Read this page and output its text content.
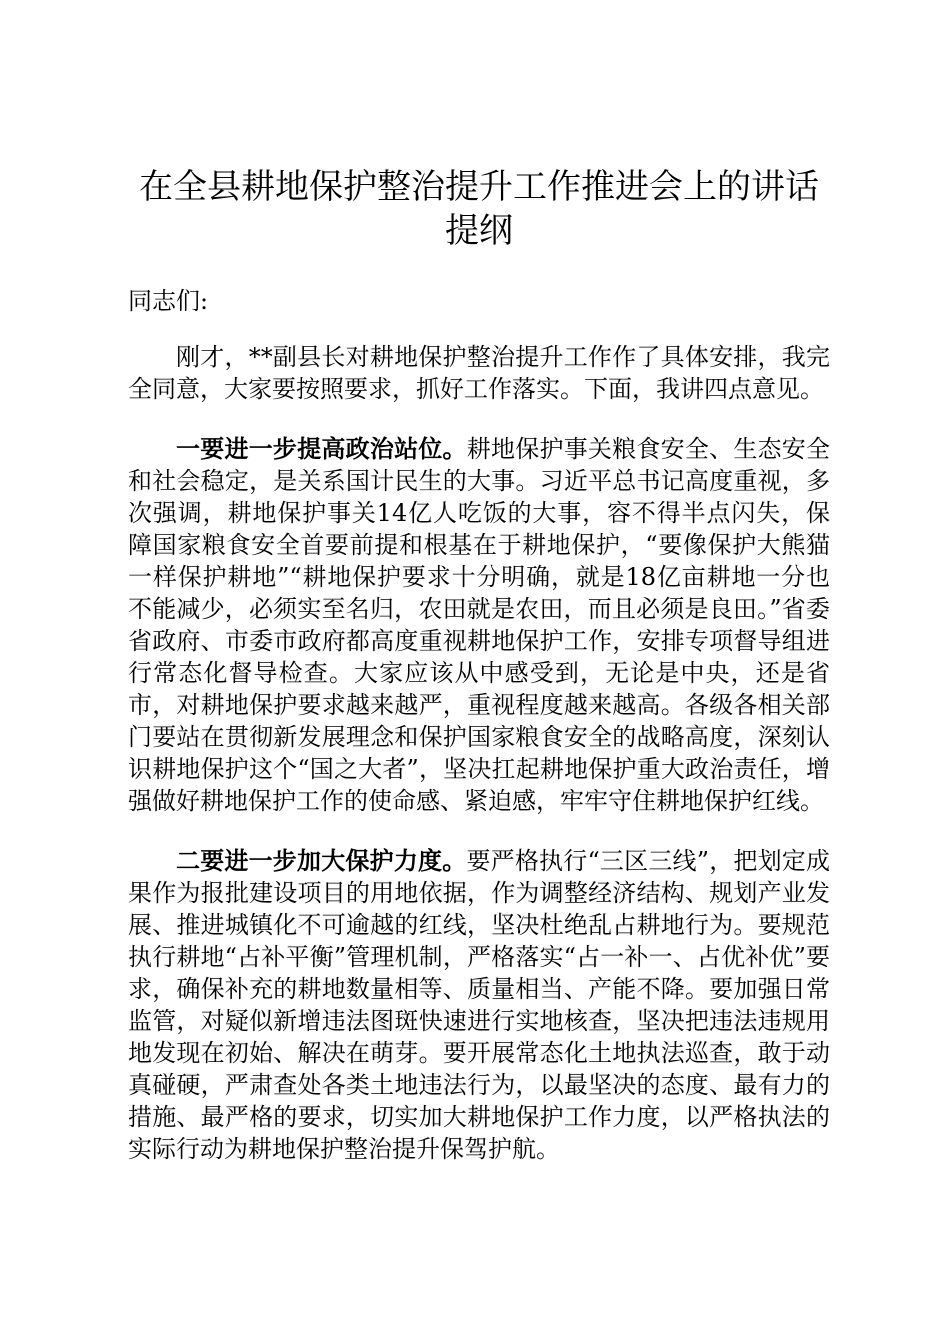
在全县耕地保护整治提升工作推进会上的讲话提纲

同志们:

刚才，**副县长对耕地保护整治提升工作作了具体安排，我完全同意，大家要按照要求，抓好工作落实。下面，我讲四点意见。

一要进一步提高政治站位。耕地保护事关粮食安全、生态安全和社会稳定，是关系国计民生的大事。习近平总书记高度重视，多次强调，耕地保护事关14亿人吃饭的大事，容不得半点闪失，保障国家粮食安全首要前提和根基在于耕地保护，“要像保护大熊猫一样保护耕地”“耕地保护要求十分明确，就是18亿亩耕地一分也不能减少，必须实至名归，农田就是农田，而且必须是良田。”省委省政府、市委市政府都高度重视耕地保护工作，安排专项督导组进行常态化督导检查。大家应该从中感受到，无论是中央，还是省市，对耕地保护要求越来越严，重视程度越来越高。各级各相关部门要站在贯彻新发展理念和保护国家粮食安全的战略高度，深刻认识耕地保护这个“国之大者”，坚决扛起耕地保护重大政治责任，增强做好耕地保护工作的使命感、紧迫感，牢牢守住耕地保护红线。

二要进一步加大保护力度。要严格执行“三区三线”，把划定成果作为报批建设项目的用地依据，作为调整经济结构、规划产业发展、推进城镇化不可逾越的红线，坚决杜绝乱占耕地行为。要规范执行耕地“占补平衡”管理机制，严格落实“占一补一、占优补优”要求，确保补充的耕地数量相等、质量相当、产能不降。要加强日常监管，对疑似新增违法图斑快速进行实地核查，坚决把违法违规用地发现在初始、解决在萌芽。要开展常态化土地执法巡查，敢于动真碰硬，严肃查处各类土地违法行为，以最坚决的态度、最有力的措施、最严格的要求，切实加大耕地保护工作力度，以严格执法的实际行动为耕地保护整治提升保驾护航。
